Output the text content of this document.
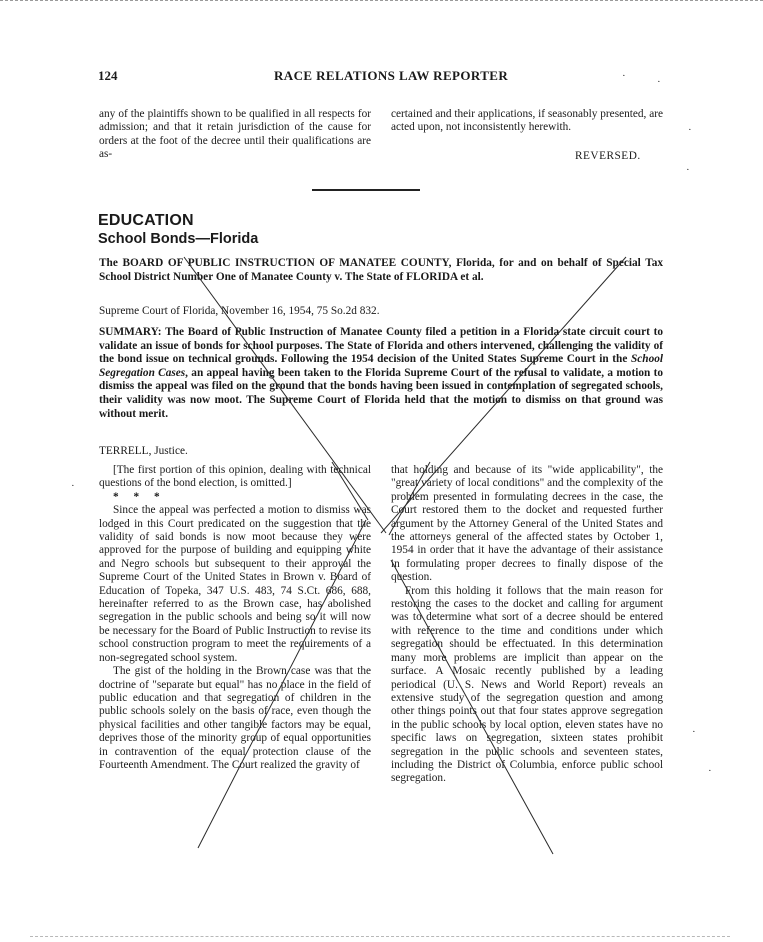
124	RACE RELATIONS LAW REPORTER

any of the plaintiffs shown to be qualified in all respects for admission; and that it retain jurisdiction of the cause for orders at the foot of the decree until their qualifications are as-

certained and their applications, if seasonably presented, are acted upon, not inconsistently herewith.

REVERSED.
EDUCATION
School Bonds—Florida
The BOARD OF PUBLIC INSTRUCTION OF MANATEE COUNTY, Florida, for and on behalf of Special Tax School District Number One of Manatee County v. The State of FLORIDA et al.
Supreme Court of Florida, November 16, 1954, 75 So.2d 832.
SUMMARY: The Board of Public Instruction of Manatee County filed a petition in a Florida state circuit court to validate an issue of bonds for school purposes. The State of Florida and others intervened, challenging the validity of the bond issue on technical grounds. Following the 1954 decision of the United States Supreme Court in the School Segregation Cases, an appeal having been taken to the Florida Supreme Court of the refusal to validate, a motion to dismiss the appeal was filed on the ground that the bonds having been issued in contemplation of segregated schools, their validity was now moot. The Supreme Court of Florida held that the motion to dismiss on that ground was without merit.
TERRELL, Justice.

[The first portion of this opinion, dealing with technical questions of the bond election, is omitted.]

* * *

Since the appeal was perfected a motion to dismiss was lodged in this Court predicated on the suggestion that the validity of said bonds is now moot because they were approved for the purpose of building and equipping white and Negro schools but subsequent to their approval the Supreme Court of the United States in Brown v. Board of Education of Topeka, 347 U.S. 483, 74 S.Ct. 686, 688, hereinafter referred to as the Brown case, has abolished segregation in the public schools and being so it will now be necessary for the Board of Public Instruction to revise its school construction program to meet the requirements of a non-segregated school system.

The gist of the holding in the Brown case was that the doctrine of "separate but equal" has no place in the field of public education and that segregation of children in the public schools solely on the basis of race, even though the physical facilities and other tangible factors may be equal, deprives those of the minority group of equal opportunities in contravention of the equal protection clause of the Fourteenth Amendment. The Court realized the gravity of

that holding and because of its "wide applicability", the "great variety of local conditions" and the complexity of the problem presented in formulating decrees in the case, the Court restored them to the docket and requested further argument by the Attorney General of the United States and the attorneys general of the affected states by October 1, 1954 in order that it have the advantage of their assistance in formulating proper decrees to finally dispose of the question.

From this holding it follows that the main reason for restoring the cases to the docket and calling for argument was to determine what sort of a decree should be entered with reference to the time and conditions under which segregation should be effectuated. In this determination many more problems are implicit than appear on the surface. A Mosaic recently published by a leading periodical (U. S. News and World Report) reveals an extensive study of the segregation question and among other things points out that four states approve segregation in the public schools by local option, eleven states have no specific laws on segregation, sixteen states prohibit segregation in the public schools and seventeen states, including the District of Columbia, enforce public school segregation.

·	·
·
·
·
·
·
